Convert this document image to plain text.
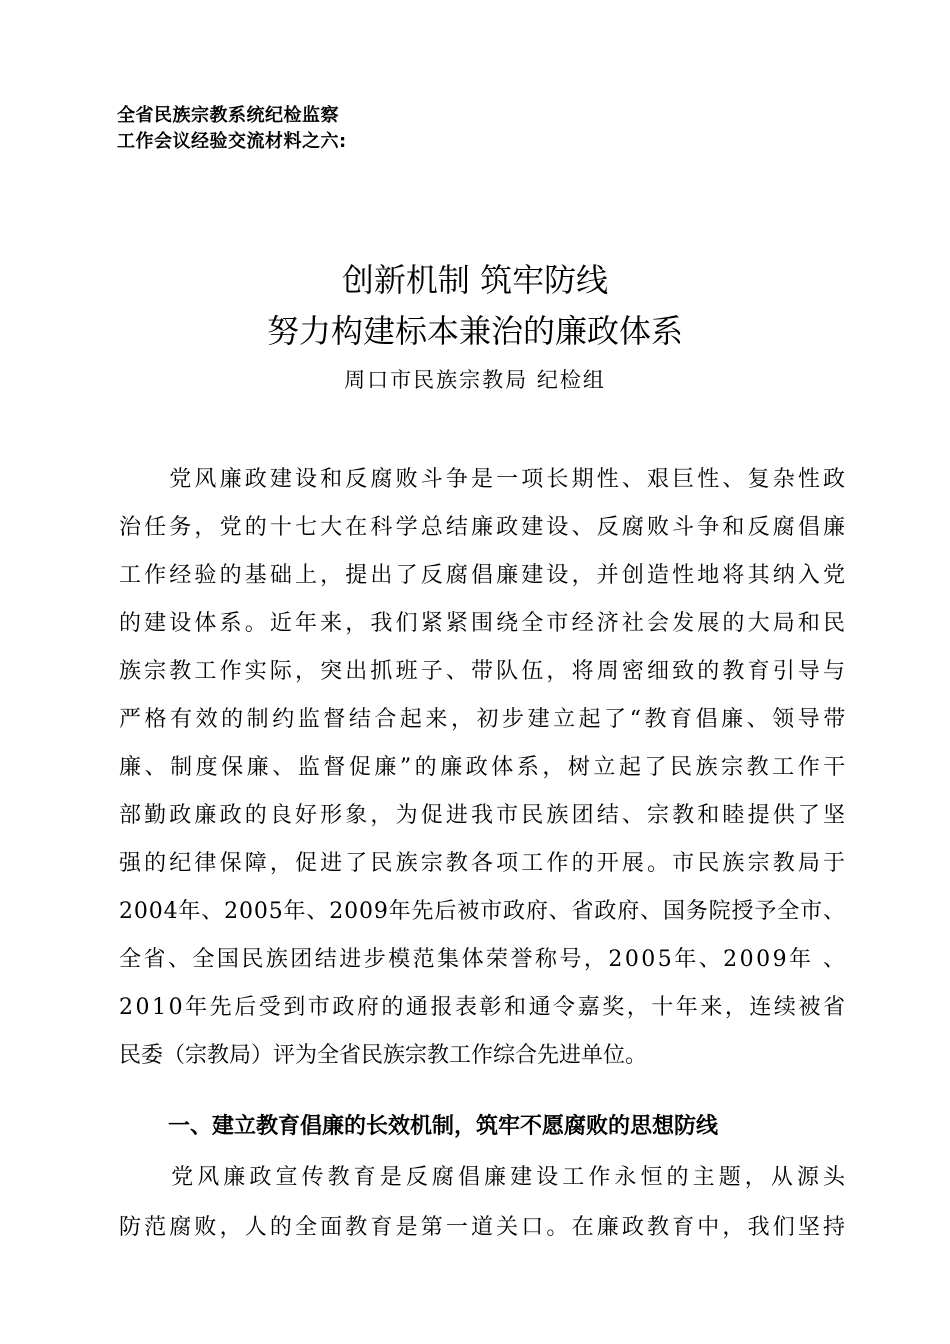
全省民族宗教系统纪检监察
工作会议经验交流材料之六:
创新机制 筑牢防线
努力构建标本兼治的廉政体系
周口市民族宗教局 纪检组
　　党风廉政建设和反腐败斗争是一项长期性、艰巨性、复杂性政
治任务，党的十七大在科学总结廉政建设、反腐败斗争和反腐倡廉
工作经验的基础上，提出了反腐倡廉建设，并创造性地将其纳入党
的建设体系。近年来，我们紧紧围绕全市经济社会发展的大局和民
族宗教工作实际，突出抓班子、带队伍，将周密细致的教育引导与
严格有效的制约监督结合起来，初步建立起了“教育倡廉、领导带
廉、制度保廉、监督促廉”的廉政体系，树立起了民族宗教工作干
部勤政廉政的良好形象，为促进我市民族团结、宗教和睦提供了坚
强的纪律保障，促进了民族宗教各项工作的开展。市民族宗教局于
2004年、2005年、2009年先后被市政府、省政府、国务院授予全市、
全省、全国民族团结进步模范集体荣誉称号，2005年、2009年 、
2010年先后受到市政府的通报表彰和通令嘉奖，十年来，连续被省
民委（宗教局）评为全省民族宗教工作综合先进单位。
一、建立教育倡廉的长效机制，筑牢不愿腐败的思想防线
　　党风廉政宣传教育是反腐倡廉建设工作永恒的主题，从源头
防范腐败，人的全面教育是第一道关口。在廉政教育中，我们坚持
